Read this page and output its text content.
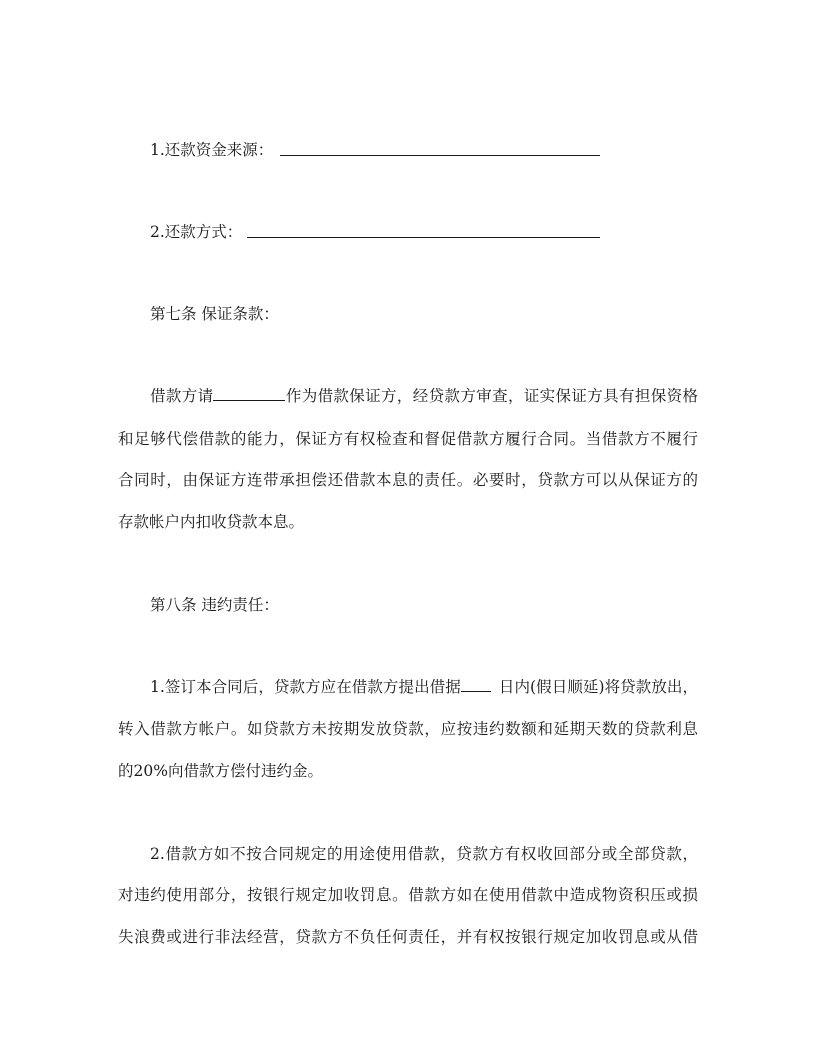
1.还款资金来源：
2.还款方式：
第七条 保证条款：
借款方请	作为借款保证方，经贷款方审查，证实保证方具有担保资格
和足够代偿借款的能力，保证方有权检查和督促借款方履行合同。当借款方不履行
合同时，由保证方连带承担偿还借款本息的责任。必要时，贷款方可以从保证方的
存款帐户内扣收贷款本息。
第八条 违约责任：
1.签订本合同后，贷款方应在借款方提出借据 日内(假日顺延)将贷款放出，
转入借款方帐户。如贷款方未按期发放贷款，应按违约数额和延期天数的贷款利息
的20%向借款方偿付违约金。
2.借款方如不按合同规定的用途使用借款，贷款方有权收回部分或全部贷款，
对违约使用部分，按银行规定加收罚息。借款方如在使用借款中造成物资积压或损
失浪费或进行非法经营，贷款方不负任何责任，并有权按银行规定加收罚息或从借
